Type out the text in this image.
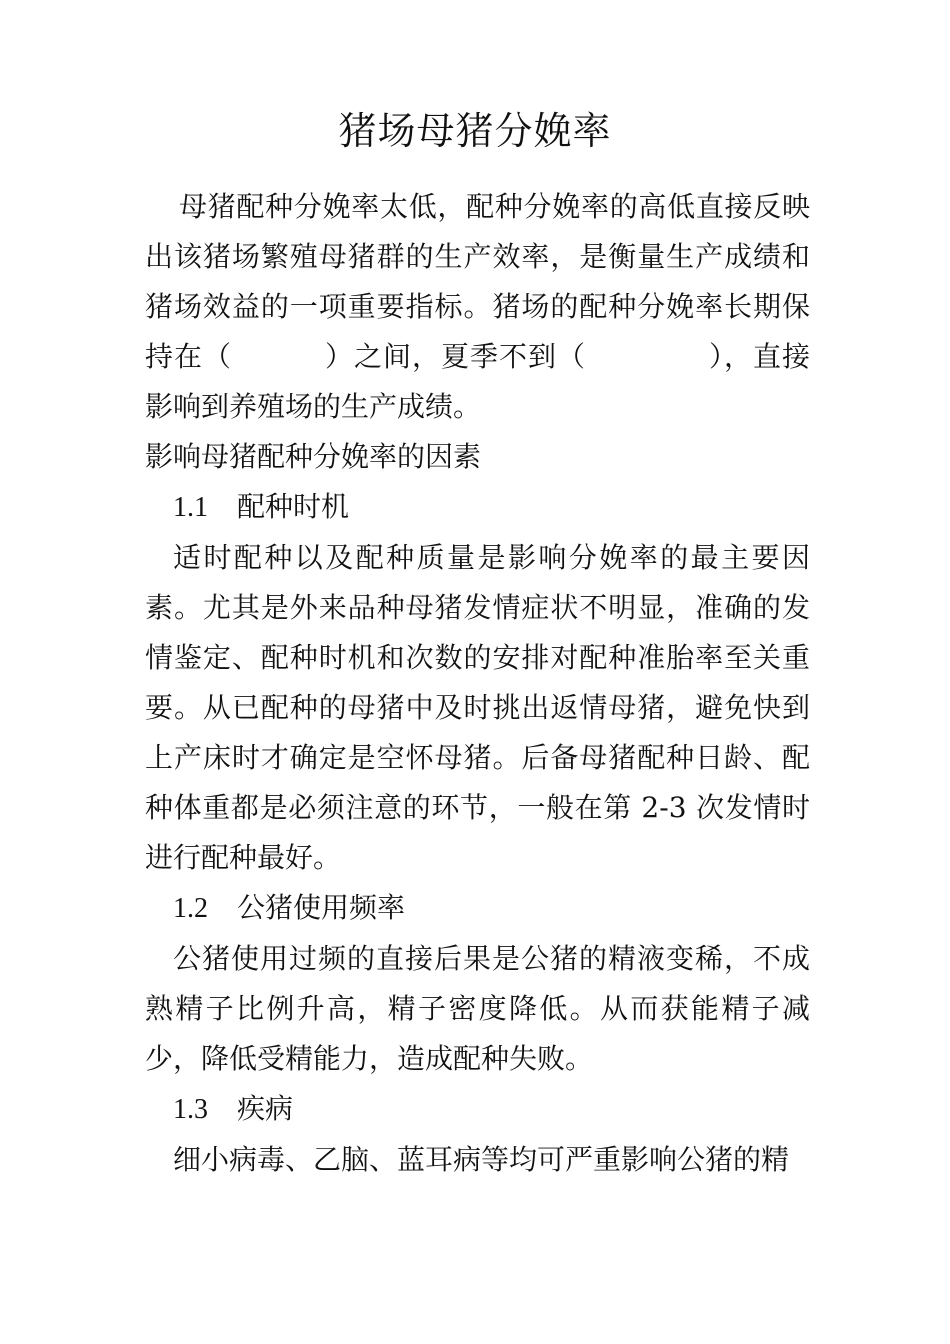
猪场母猪分娩率

母猪配种分娩率太低，配种分娩率的高低直接反映出该猪场繁殖母猪群的生产效率，是衡量生产成绩和猪场效益的一项重要指标。猪场的配种分娩率长期保持在（	）之间，夏季不到（	），直接影响到养殖场的生产成绩。

影响母猪配种分娩率的因素

1.1 配种时机

适时配种以及配种质量是影响分娩率的最主要因素。尤其是外来品种母猪发情症状不明显，准确的发情鉴定、配种时机和次数的安排对配种准胎率至关重要。从已配种的母猪中及时挑出返情母猪，避免快到上产床时才确定是空怀母猪。后备母猪配种日龄、配种体重都是必须注意的环节，一般在第 2-3 次发情时进行配种最好。

1.2 公猪使用频率

公猪使用过频的直接后果是公猪的精液变稀，不成熟精子比例升高，精子密度降低。从而获能精子减少，降低受精能力，造成配种失败。

1.3 疾病

细小病毒、乙脑、蓝耳病等均可严重影响公猪的精
